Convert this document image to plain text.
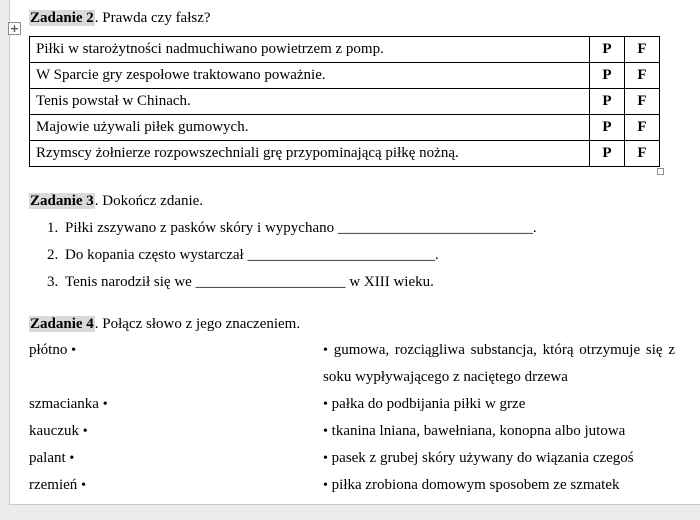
+

Zadanie 2. Prawda czy fałsz?

Piłki w starożytności nadmuchiwano powietrzem z pomp.	P	F
W Sparcie gry zespołowe traktowano poważnie.	P	F
Tenis powstał w Chinach.	P	F
Majowie używali piłek gumowych.	P	F
Rzymscy żołnierze rozpowszechniali grę przypominającą piłkę nożną.	P	F

Zadanie 3. Dokończ zdanie.

1. Piłki zszywano z pasków skóry i wypychano __________________________.
2. Do kopania często wystarczał _________________________.
3. Tenis narodził się we ____________________ w XIII wieku.

Zadanie 4. Połącz słowo z jego znaczeniem.

płótno •	• gumowa, rozciągliwa substancja, którą otrzymuje się z soku wypływającego z naciętego drzewa
szmacianka •	• pałka do podbijania piłki w grze
kauczuk •	• tkanina lniana, bawełniana, konopna albo jutowa
palant •	• pasek z grubej skóry używany do wiązania czegoś
rzemień •	• piłka zrobiona domowym sposobem ze szmatek
